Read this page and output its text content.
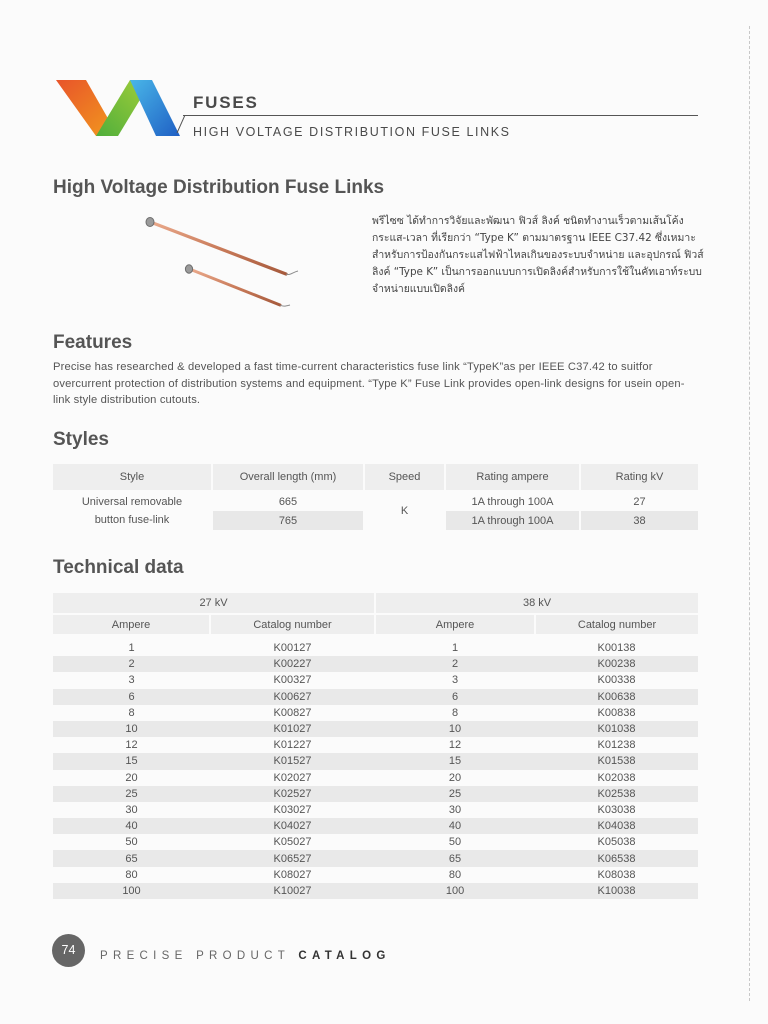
FUSES
HIGH VOLTAGE DISTRIBUTION FUSE LINKS
High Voltage Distribution Fuse Links
พรีไซซ ได้ทำการวิจัยและพัฒนา ฟิวส์ ลิงค์ ชนิดทำงานเร็วตามเส้นโค้งกระแส-เวลา ที่เรียกว่า “Type K” ตามมาตรฐาน IEEE C37.42 ซึ่งเหมาะสำหรับการป้องกันกระแสไฟฟ้าไหลเกินของระบบจำหน่าย และอุปกรณ์ ฟิวส์ ลิงค์ “Type K” เป็นการออกแบบการเปิดลิงค์สำหรับการใช้ในคัทเอาท์ระบบจำหน่ายแบบเปิดลิงค์
Features
Precise has researched & developed a fast time-current characteristics fuse link “TypeK”as per IEEE C37.42 to suitfor overcurrent protection of distribution systems and equipment. “Type K” Fuse Link provides open-link designs for usein open-link style distribution cutouts.
Styles
Style	Overall length (mm)	Speed	Rating ampere	Rating kV

Universal removable
button fuse-link	665	K	1A through 100A	27
	765		1A through 100A	38
Technical data
27 kV		38 kV	
Ampere	Catalog number	Ampere	Catalog number

1	K00127	1	K00138
2	K00227	2	K00238
3	K00327	3	K00338
6	K00627	6	K00638
8	K00827	8	K00838
10	K01027	10	K01038
12	K01227	12	K01238
15	K01527	15	K01538
20	K02027	20	K02038
25	K02527	25	K02538
30	K03027	30	K03038
40	K04027	40	K04038
50	K05027	50	K05038
65	K06527	65	K06538
80	K08027	80	K08038
100	K10027	100	K10038
74	PRECISE PRODUCT CATALOG
